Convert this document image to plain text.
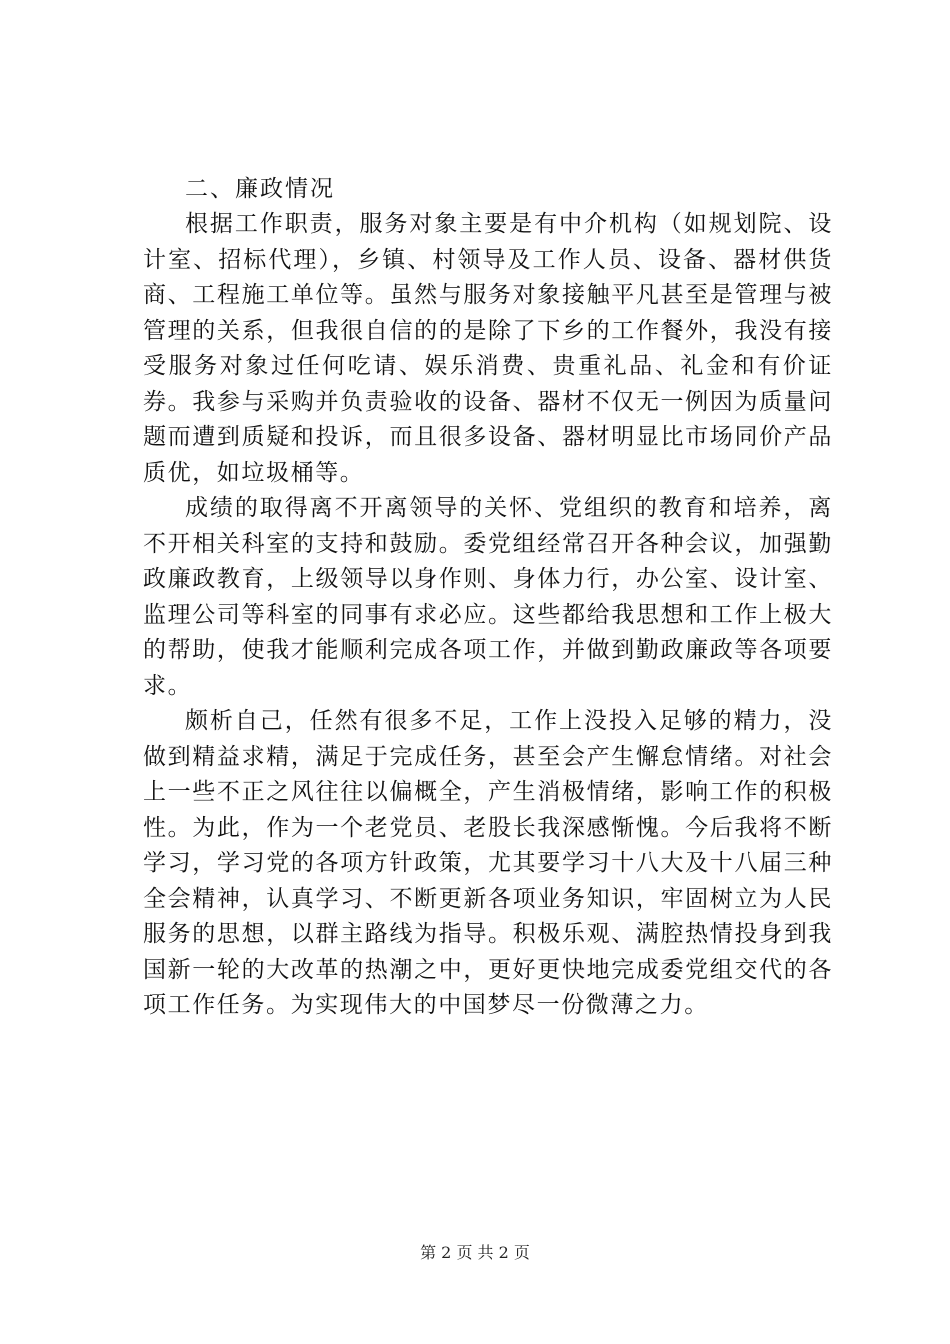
二、廉政情况

根据工作职责，服务对象主要是有中介机构（如规划院、设计室、招标代理），乡镇、村领导及工作人员、设备、器材供货商、工程施工单位等。虽然与服务对象接触平凡甚至是管理与被管理的关系，但我很自信的的是除了下乡的工作餐外，我没有接受服务对象过任何吃请、娱乐消费、贵重礼品、礼金和有价证券。我参与采购并负责验收的设备、器材不仅无一例因为质量问题而遭到质疑和投诉，而且很多设备、器材明显比市场同价产品质优，如垃圾桶等。

成绩的取得离不开离领导的关怀、党组织的教育和培养，离不开相关科室的支持和鼓励。委党组经常召开各种会议，加强勤政廉政教育，上级领导以身作则、身体力行，办公室、设计室、监理公司等科室的同事有求必应。这些都给我思想和工作上极大的帮助，使我才能顺利完成各项工作，并做到勤政廉政等各项要求。

颇析自己，任然有很多不足，工作上没投入足够的精力，没做到精益求精，满足于完成任务，甚至会产生懈怠情绪。对社会上一些不正之风往往以偏概全，产生消极情绪，影响工作的积极性。为此，作为一个老党员、老股长我深感惭愧。今后我将不断学习，学习党的各项方针政策，尤其要学习十八大及十八届三种全会精神，认真学习、不断更新各项业务知识，牢固树立为人民服务的思想，以群主路线为指导。积极乐观、满腔热情投身到我国新一轮的大改革的热潮之中，更好更快地完成委党组交代的各项工作任务。为实现伟大的中国梦尽一份微薄之力。

第 2 页 共 2 页
